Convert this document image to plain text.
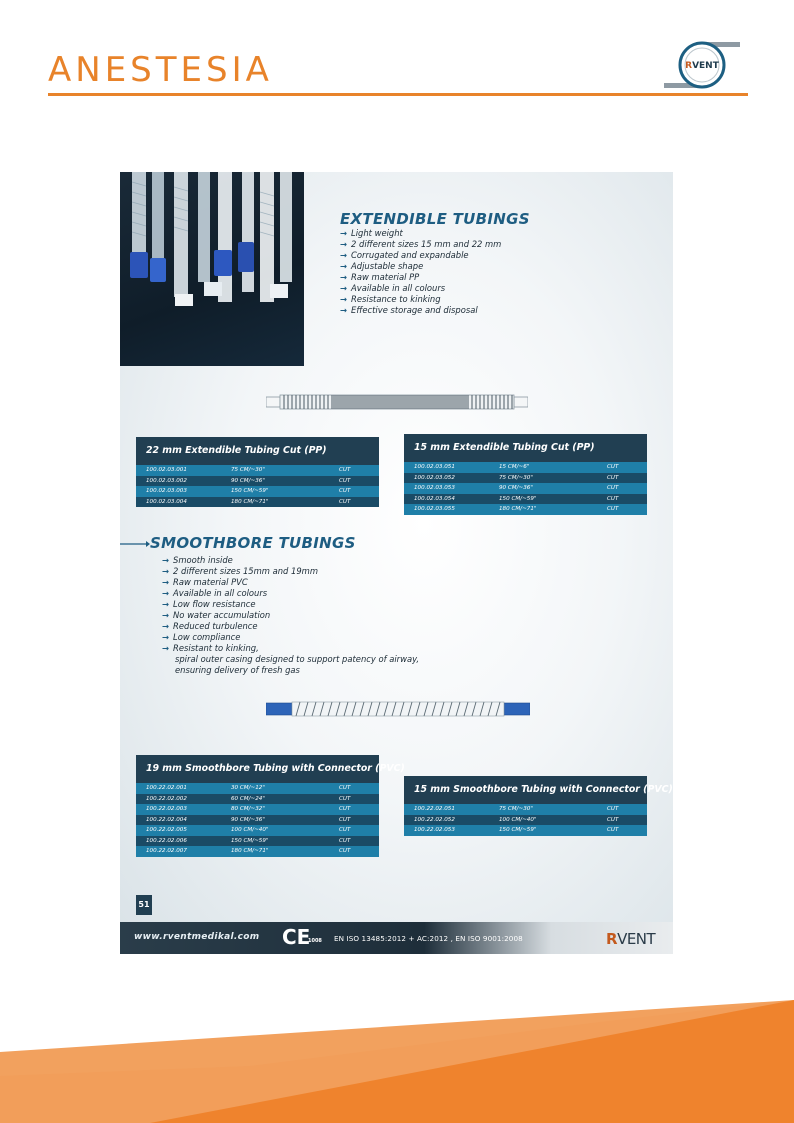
ANESTESIA	RVENT
EXTENDIBLE TUBINGS
→ Light weight
→ 2 different sizes 15 mm and 22 mm
→ Corrugated and expandable
→ Adjustable shape
→ Raw material PP
→ Available in all colours
→ Resistance to kinking
→ Effective storage and disposal
22 mm Extendible Tubing Cut (PP)
100.02.03.001	75 CM/~30"	CUT
100.02.03.002	90 CM/~36"	CUT
100.02.03.003	150 CM/~59"	CUT
100.02.03.004	180 CM/~71"	CUT
15 mm Extendible Tubing Cut (PP)
100.02.03.051	15 CM/~6"	CUT
100.02.03.052	75 CM/~30"	CUT
100.02.03.053	90 CM/~36"	CUT
100.02.03.054	150 CM/~59"	CUT
100.02.03.055	180 CM/~71"	CUT
SMOOTHBORE TUBINGS
→ Smooth inside
→ 2 different sizes 15mm and 19mm
→ Raw material PVC
→ Available in all colours
→ Low flow resistance
→ No water accumulation
→ Reduced turbulence
→ Low compliance
→ Resistant to kinking,
spiral outer casing designed to support patency of airway,
ensuring delivery of fresh gas
19 mm Smoothbore Tubing with Connector (PVC)
100.22.02.001	30 CM/~12"	CUT
100.22.02.002	60 CM/~24"	CUT
100.22.02.003	80 CM/~32"	CUT
100.22.02.004	90 CM/~36"	CUT
100.22.02.005	100 CM/~40"	CUT
100.22.02.006	150 CM/~59"	CUT
100.22.02.007	180 CM/~71"	CUT
15 mm Smoothbore Tubing with Connector (PVC)
100.22.02.051	75 CM/~30"	CUT
100.22.02.052	100 CM/~40"	CUT
100.22.02.053	150 CM/~59"	CUT
51
www.rventmedikal.com CE
1008 EN ISO 13485:2012 + AC:2012 , EN ISO 9001:2008	RVENT
